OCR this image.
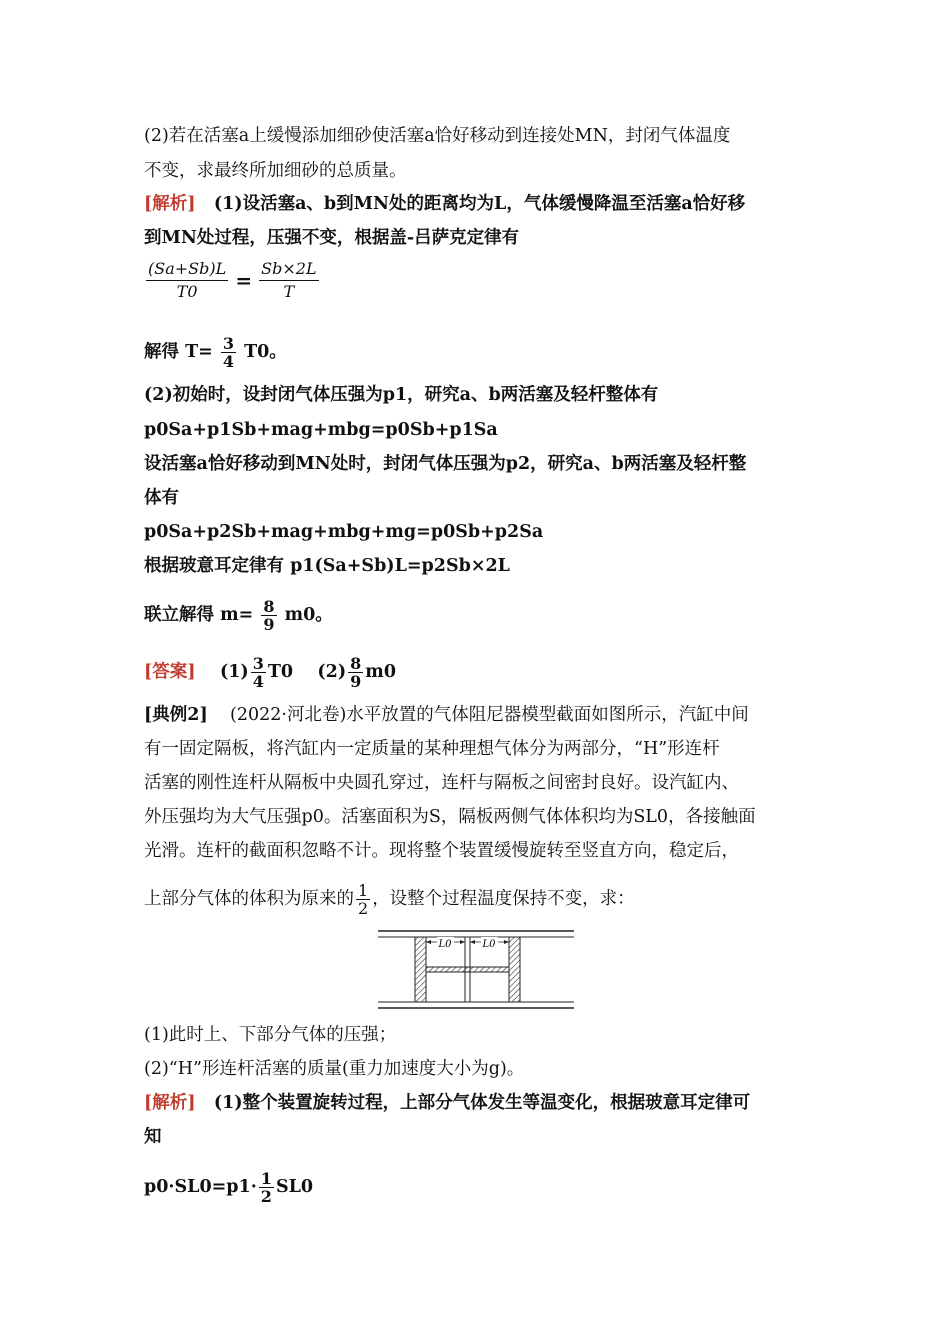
(2)若在活塞a上缓慢添加细砂使活塞a恰好移动到连接处MN，封闭气体温度
不变，求最终所加细砂的总质量。
[解析] (1)设活塞a、b到MN处的距离均为L，气体缓慢降温至活塞a恰好移
到MN处过程，压强不变，根据盖-吕萨克定律有
$\frac{(Sa+Sb)L}{T0} = \frac{Sb\times 2L}{T}$
解得 $T= \frac{3}{4} T0$。
(2)初始时，设封闭气体压强为p1，研究a、b两活塞及轻杆整体有
p0Sa+p1Sb+mag+mbg=p0Sb+p1Sa
设活塞a恰好移动到MN处时，封闭气体压强为p2，研究a、b两活塞及轻杆整
体有
p0Sa+p2Sb+mag+mbg+mg=p0Sb+p2Sa
根据玻意耳定律有 p1(Sa+Sb)L=p2Sb×2L
联立解得 $m= \frac{8}{9} m0$。
[答案] $(1) \frac{3}{4} T0$ $(2) \frac{8}{9} m0$
[典例2] (2022·河北卷)水平放置的气体阻尼器模型截面如图所示，汽缸中间
有一固定隔板，将汽缸内一定质量的某种理想气体分为两部分，“H”形连杆
活塞的刚性连杆从隔板中央圆孔穿过，连杆与隔板之间密封良好。设汽缸内、
外压强均为大气压强p0。活塞面积为S，隔板两侧气体体积均为SL0，各接触面
光滑。连杆的截面积忽略不计。现将整个装置缓慢旋转至竖直方向，稳定后，
上部分气体的体积为原来的 $\frac{1}{2}$ ，设整个过程温度保持不变，求：
L0	L0
(1)此时上、下部分气体的压强；
(2)“H”形连杆活塞的质量(重力加速度大小为g)。
[解析] (1)整个装置旋转过程，上部分气体发生等温变化，根据玻意耳定律可
知
$p0\cdot SL0=p1\cdot \frac{1}{2} SL0$
